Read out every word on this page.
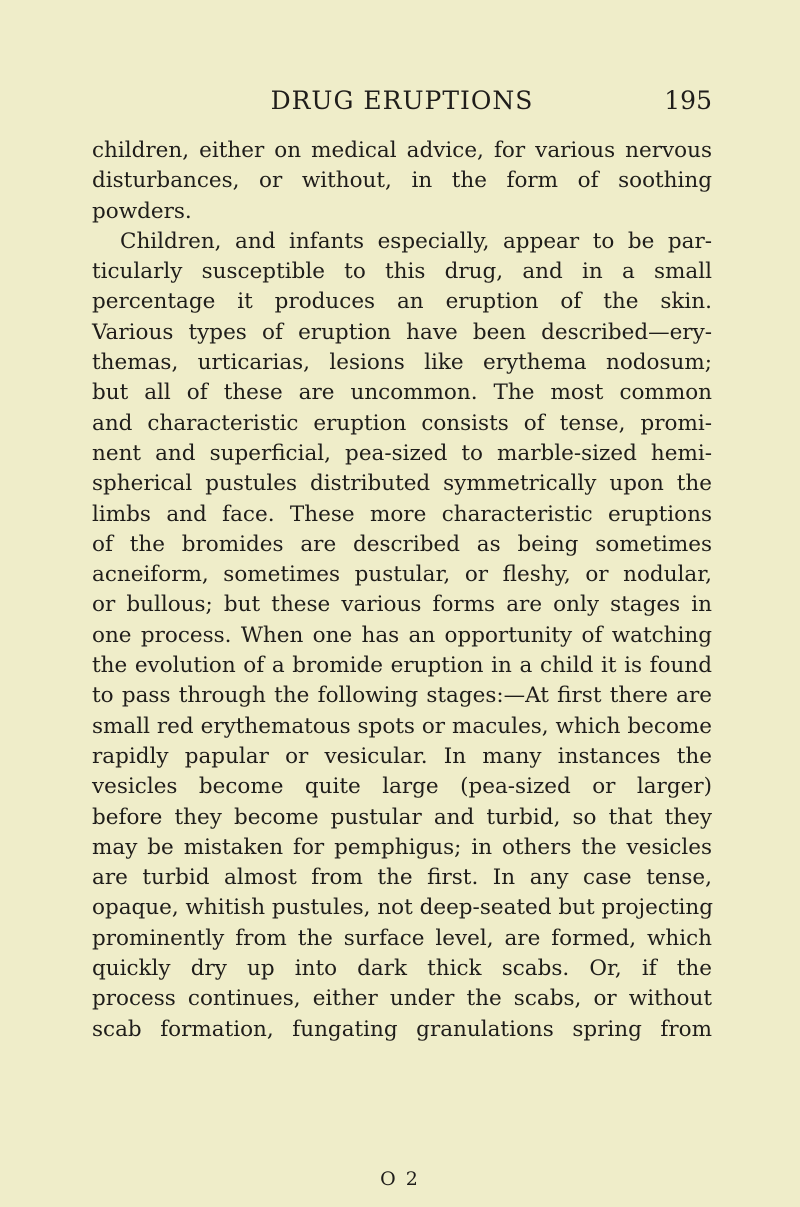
DRUG ERUPTIONS	195
children, either on medical advice, for various nervous
disturbances, or without, in the form of soothing
powders.
Children, and infants especially, appear to be par-
ticularly susceptible to this drug, and in a small
percentage it produces an eruption of the skin.
Various types of eruption have been described—ery-
themas, urticarias, lesions like erythema nodosum;
but all of these are uncommon. The most common
and characteristic eruption consists of tense, promi-
nent and superficial, pea-sized to marble-sized hemi-
spherical pustules distributed symmetrically upon the
limbs and face. These more characteristic eruptions
of the bromides are described as being sometimes
acneiform, sometimes pustular, or fleshy, or nodular,
or bullous; but these various forms are only stages in
one process. When one has an opportunity of watching
the evolution of a bromide eruption in a child it is found
to pass through the following stages:—At first there are
small red erythematous spots or macules, which become
rapidly papular or vesicular. In many instances the
vesicles become quite large (pea-sized or larger)
before they become pustular and turbid, so that they
may be mistaken for pemphigus; in others the vesicles
are turbid almost from the first. In any case tense,
opaque, whitish pustules, not deep-seated but projecting
prominently from the surface level, are formed, which
quickly dry up into dark thick scabs. Or, if the
process continues, either under the scabs, or without
scab formation, fungating granulations spring from
O 2
